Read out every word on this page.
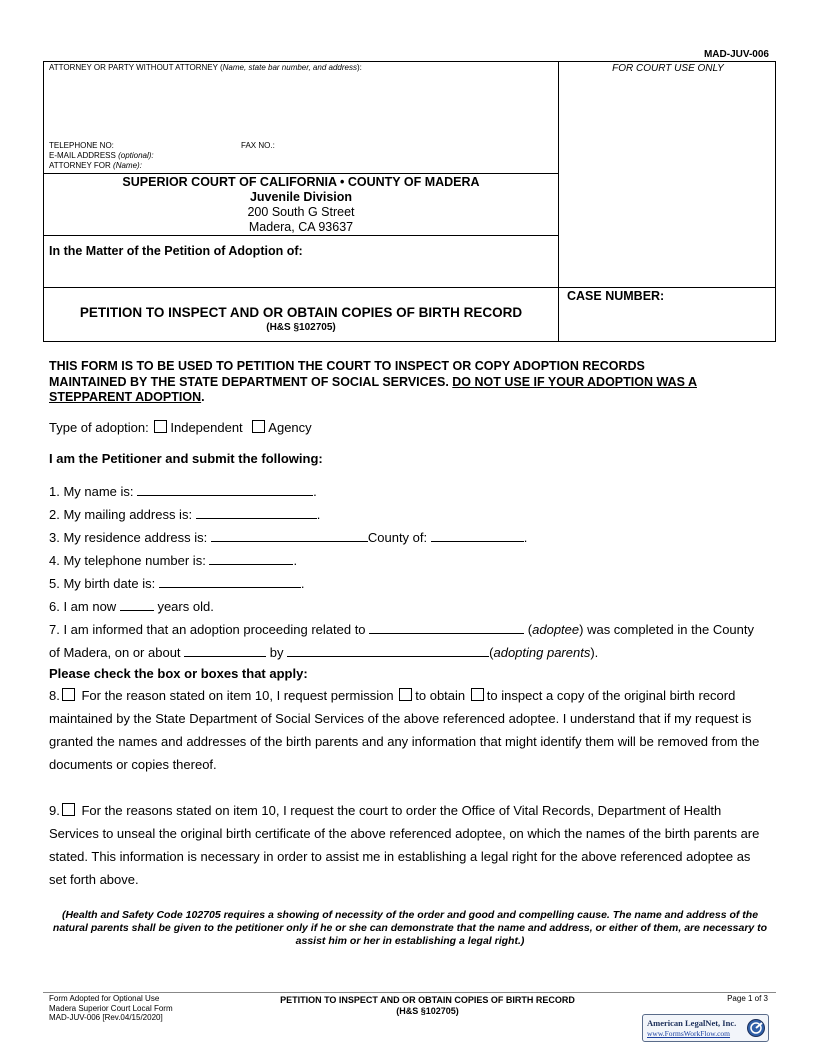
MAD-JUV-006
ATTORNEY OR PARTY WITHOUT ATTORNEY (Name, state bar number, and address):
TELEPHONE NO:	FAX NO.:
E-MAIL ADDRESS (optional):
ATTORNEY FOR (Name):
FOR COURT USE ONLY
SUPERIOR COURT OF CALIFORNIA • COUNTY OF MADERA
Juvenile Division
200 South G Street
Madera, CA 93637
In the Matter of the Petition of Adoption of:
PETITION TO INSPECT AND OR OBTAIN COPIES OF BIRTH RECORD
(H&S §102705)
CASE NUMBER:
THIS FORM IS TO BE USED TO PETITION THE COURT TO INSPECT OR COPY ADOPTION RECORDS
MAINTAINED BY THE STATE DEPARTMENT OF SOCIAL SERVICES. DO NOT USE IF YOUR ADOPTION WAS A
STEPPARENT ADOPTION.
Type of adoption: Independent Agency
I am the Petitioner and submit the following:
1. My name is:	.
2. My mailing address is:	.
3. My residence address is:	County of:	.
4. My telephone number is:	.
5. My birth date is:	.
6. I am now	years old.
7. I am informed that an adoption proceeding related to	(adoptee) was completed in the County
of Madera, on or about	by	(adopting parents).
Please check the box or boxes that apply:
8. For the reason stated on item 10, I request permission to obtain to inspect a copy of the original birth record maintained by the State Department of Social Services of the above referenced adoptee. I understand that if my request is granted the names and addresses of the birth parents and any information that might identify them will be removed from the documents or copies thereof.
9. For the reasons stated on item 10, I request the court to order the Office of Vital Records, Department of Health Services to unseal the original birth certificate of the above referenced adoptee, on which the names of the birth parents are stated. This information is necessary in order to assist me in establishing a legal right for the above referenced adoptee as set forth above.
(Health and Safety Code 102705 requires a showing of necessity of the order and good and compelling cause. The name and address of the natural parents shall be given to the petitioner only if he or she can demonstrate that the name and address, or either of them, are necessary to assist him or her in establishing a legal right.)
Form Adopted for Optional Use
Madera Superior Court Local Form
MAD-JUV-006 [Rev.04/15/2020]
PETITION TO INSPECT AND OR OBTAIN COPIES OF BIRTH RECORD
(H&S §102705)
Page 1 of 3
American LegalNet, Inc.
www.FormsWorkFlow.com
